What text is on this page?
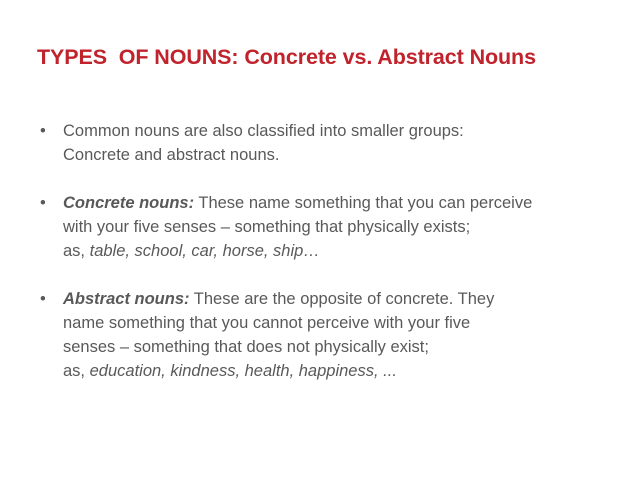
TYPES  OF NOUNS: Concrete vs. Abstract Nouns
• Common nouns are also classified into smaller groups:
Concrete and abstract nouns.
• Concrete nouns: These name something that you can perceive
with your five senses – something that physically exists;
as, table, school, car, horse, ship…
• Abstract nouns: These are the opposite of concrete. They
name something that you cannot perceive with your five
senses – something that does not physically exist;
as, education, kindness, health, happiness, ...
